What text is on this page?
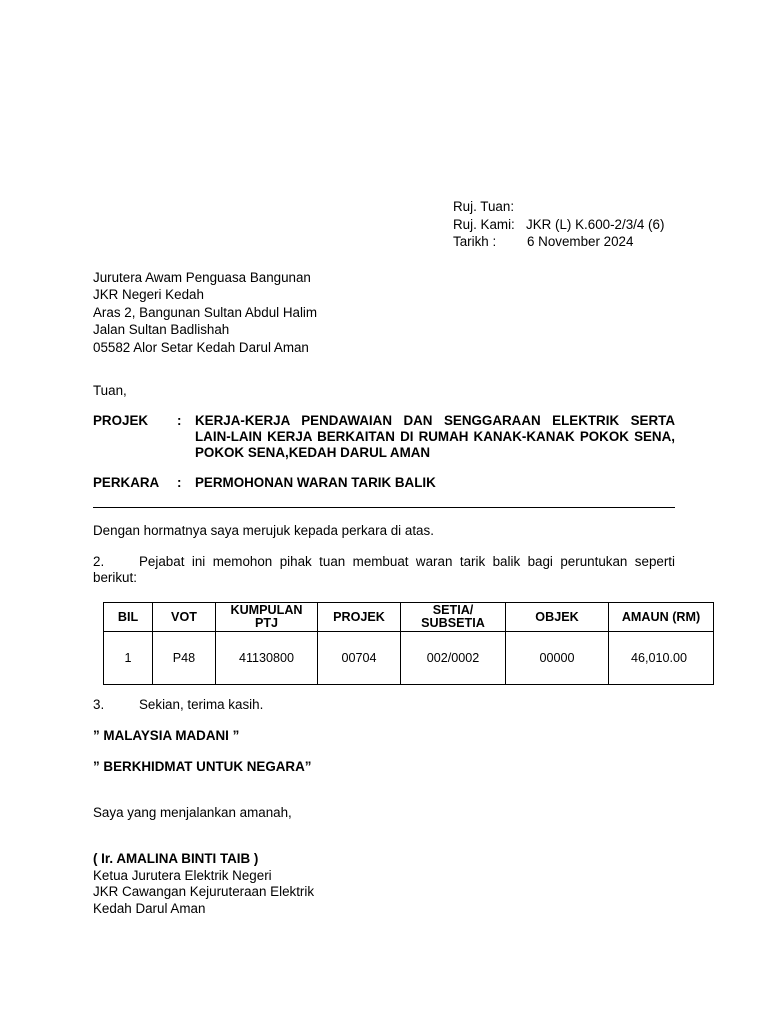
Ruj. Tuan:
Ruj. Kami: JKR (L) K.600-2/3/4 (6)
Tarikh :	6 November 2024
Jurutera Awam Penguasa Bangunan
JKR Negeri Kedah
Aras 2, Bangunan Sultan Abdul Halim
Jalan Sultan Badlishah
05582 Alor Setar Kedah Darul Aman
Tuan,
PROJEK	:	KERJA-KERJA PENDAWAIAN DAN SENGGARAAN ELEKTRIK SERTA LAIN-LAIN KERJA BERKAITAN DI RUMAH KANAK-KANAK POKOK SENA, POKOK SENA,KEDAH DARUL AMAN
PERKARA	:	PERMOHONAN WARAN TARIK BALIK
Dengan hormatnya saya merujuk kepada perkara di atas.
2.	Pejabat ini memohon pihak tuan membuat waran tarik balik bagi peruntukan seperti berikut:
BIL	VOT	KUMPULAN PTJ	PROJEK	SETIA/ SUBSETIA	OBJEK	AMAUN (RM)
1	P48	41130800	00704	002/0002	00000	46,010.00
3.	Sekian, terima kasih.
” MALAYSIA MADANI ”
” BERKHIDMAT UNTUK NEGARA”
Saya yang menjalankan amanah,
( Ir. AMALINA BINTI TAIB )
Ketua Jurutera Elektrik Negeri
JKR Cawangan Kejuruteraan Elektrik
Kedah Darul Aman
